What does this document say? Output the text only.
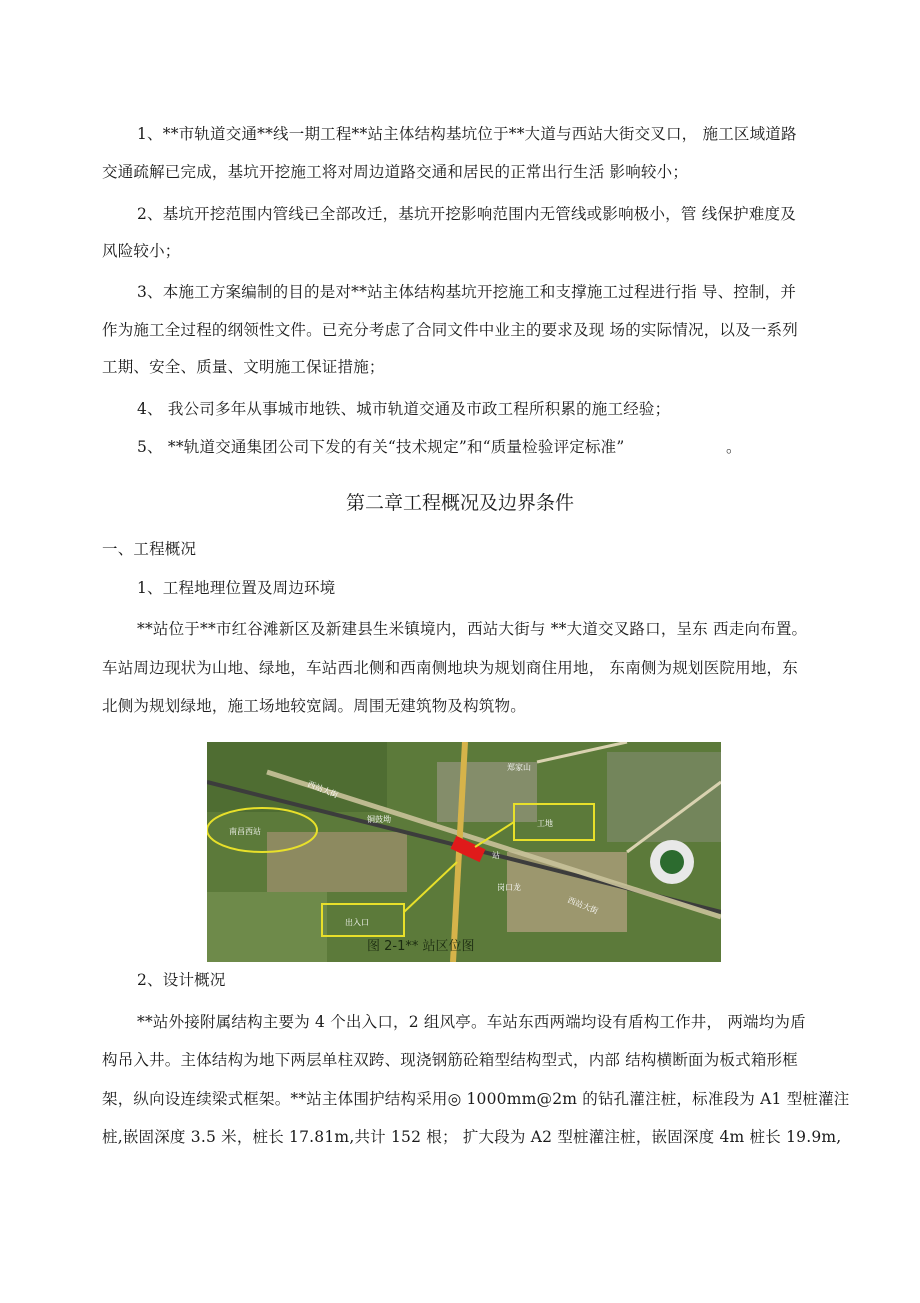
1、**市轨道交通**线一期工程**站主体结构基坑位于**大道与西站大街交叉口， 施工区域道路
交通疏解已完成，基坑开挖施工将对周边道路交通和居民的正常出行生活 影响较小；
2、基坑开挖范围内管线已全部改迁，基坑开挖影响范围内无管线或影响极小，管 线保护难度及
风险较小；
3、本施工方案编制的目的是对**站主体结构基坑开挖施工和支撑施工过程进行指 导、控制，并
作为施工全过程的纲领性文件。已充分考虑了合同文件中业主的要求及现 场的实际情况，以及一系列
工期、安全、质量、文明施工保证措施；
4、 我公司多年从事城市地铁、城市轨道交通及市政工程所积累的施工经验；
5、 **轨道交通集团公司下发的有关“技术规定”和“质量检验评定标准”	。
第二章工程概况及边界条件
一、工程概况
1、工程地理位置及周边环境
**站位于**市红谷滩新区及新建县生米镇境内，西站大街与 **大道交叉路口，呈东 西走向布置。
车站周边现状为山地、绿地，车站西北侧和西南侧地块为规划商住用地， 东南侧为规划医院用地，东
北侧为规划绿地，施工场地较宽阔。周围无建筑物及构筑物。
南昌西站
郑家山
铜鼓坳
岗口龙
站
工地
出入口
西站大街
西站大街
图 2-1** 站区位图
2、设计概况
**站外接附属结构主要为 4 个出入口，2 组风亭。车站东西两端均设有盾构工作井， 两端均为盾
构吊入井。主体结构为地下两层单柱双跨、现浇钢筋砼箱型结构型式，内部 结构横断面为板式箱形框
架，纵向设连续梁式框架。**站主体围护结构采用◎ 1000mm@2m 的钻孔灌注桩，标准段为 A1 型桩灌注
桩,嵌固深度 3.5 米，桩长 17.81m,共计 152 根； 扩大段为 A2 型桩灌注桩，嵌固深度 4m 桩长 19.9m,
